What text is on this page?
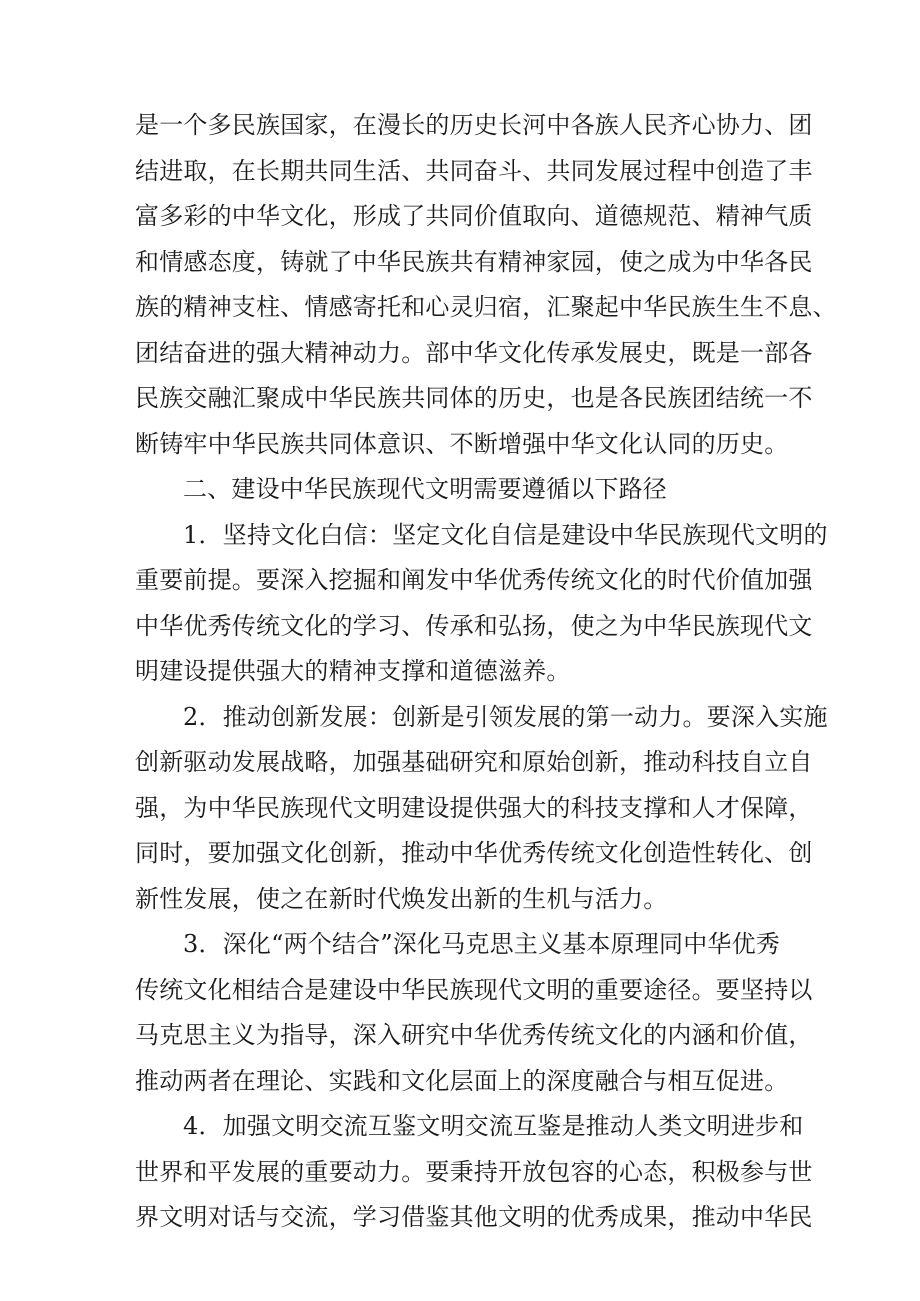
是一个多民族国家，在漫长的历史长河中各族人民齐心协力、团
结进取，在长期共同生活、共同奋斗、共同发展过程中创造了丰
富多彩的中华文化，形成了共同价值取向、道德规范、精神气质
和情感态度，铸就了中华民族共有精神家园，使之成为中华各民
族的精神支柱、情感寄托和心灵归宿，汇聚起中华民族生生不息、
团结奋进的强大精神动力。部中华文化传承发展史，既是一部各
民族交融汇聚成中华民族共同体的历史，也是各民族团结统一不
断铸牢中华民族共同体意识、不断增强中华文化认同的历史。
二、建设中华民族现代文明需要遵循以下路径
1．坚持文化白信：坚定文化自信是建设中华民族现代文明的
重要前提。要深入挖掘和阐发中华优秀传统文化的时代价值加强
中华优秀传统文化的学习、传承和弘扬，使之为中华民族现代文
明建设提供强大的精神支撑和道德滋养。
2．推动创新发展：创新是引领发展的第一动力。要深入实施
创新驱动发展战略，加强基础研究和原始创新，推动科技自立自
强，为中华民族现代文明建设提供强大的科技支撑和人才保障，
同时，要加强文化创新，推动中华优秀传统文化创造性转化、创
新性发展，使之在新时代焕发出新的生机与活力。
3．深化“两个结合”深化马克思主义基本原理同中华优秀
传统文化相结合是建设中华民族现代文明的重要途径。要坚持以
马克思主义为指导，深入研究中华优秀传统文化的内涵和价值，
推动两者在理论、实践和文化层面上的深度融合与相互促进。
4．加强文明交流互鉴文明交流互鉴是推动人类文明进步和
世界和平发展的重要动力。要秉持开放包容的心态，积极参与世
界文明对话与交流，学习借鉴其他文明的优秀成果，推动中华民
